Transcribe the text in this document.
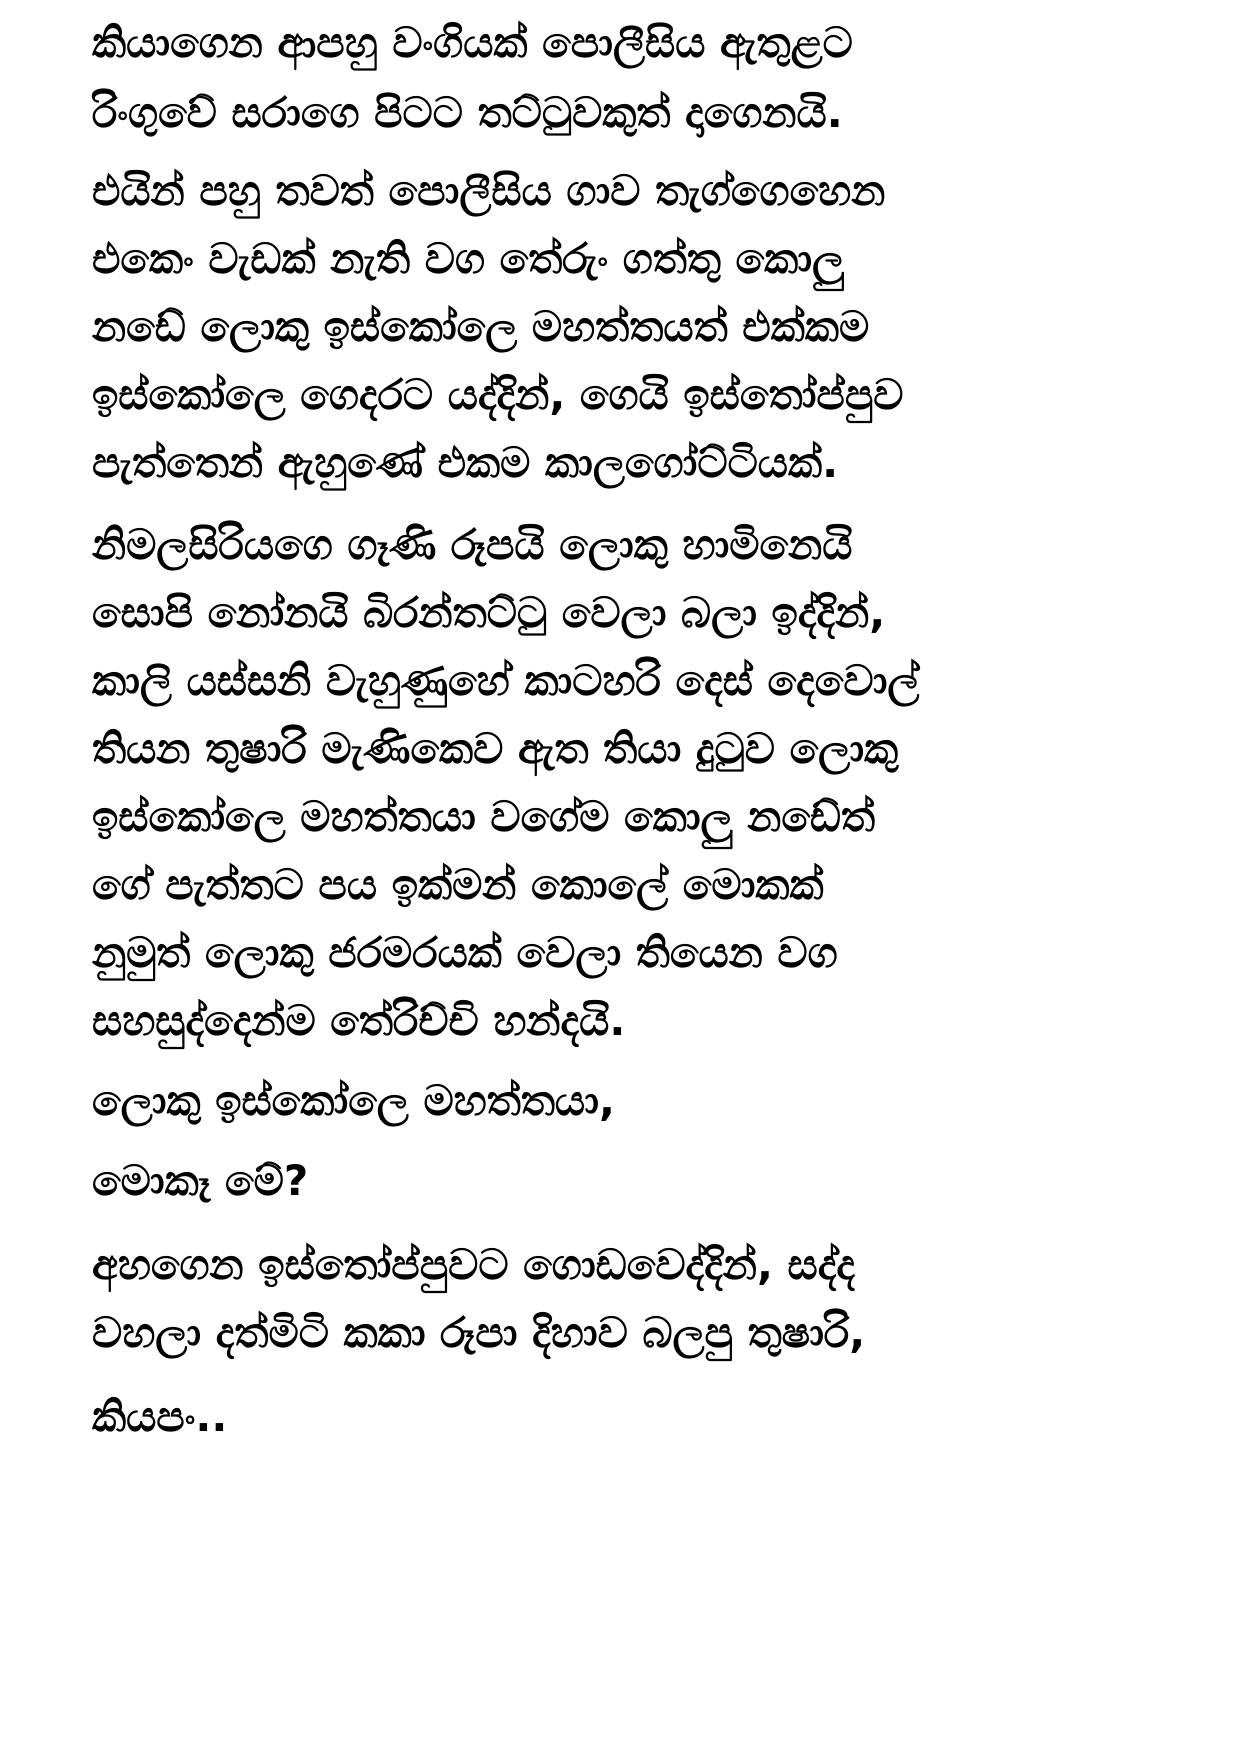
කියාගෙන ආපහු වංගියක් පොලීසිය ඇතුළට
රිංගුවේ සරාගෙ පිටට තට්ටුවකුත් දාගෙනයි.
එයින් පහු තවත් පොලීසිය ගාව තැග්ගෙහෙන
එකෙං වැඩක් නැති වග තේරුං ගත්තු කොලු
නඩේ ලොකු ඉස්කෝලෙ මහත්තයත් එක්කම
ඉස්කෝලෙ ගෙදරට යද්දින්, ගෙයි ඉස්තෝප්පුව
පැත්තෙන් ඇහුණේ එකම කාලගෝට්ටියක්.
නිමලසිරියගෙ ගෑණි රූපයි ලොකු හාමිනෙයි
සොපි නෝනයි බිරන්තට්ටු වෙලා බලා ඉද්දින්,
කාලි යස්සනි වැහුණුහේ කාටහරි දෙස් දෙවොල්
තියන තුෂාරි මැණිකෙව ඇත තියා දුටුව ලොකු
ඉස්කෝලෙ මහත්තයා වගේම කොලු නඩේත්
ගේ පැත්තට පය ඉක්මන් කොලේ මොකක්
නුමුත් ලොකු ජරමරයක් වෙලා තියෙන වග
සහසුද්දෙන්ම තේරිච්චි හන්දයි.
ලොකු ඉස්කෝලෙ මහත්තයා,
මොකෑ මේ?
අහගෙන ඉස්තෝප්පුවට ගොඩවෙද්දින්, සද්ද
වහලා දත්මිටි කකා රූපා දිහාව බලපු තුෂාරි,
කියපං..
